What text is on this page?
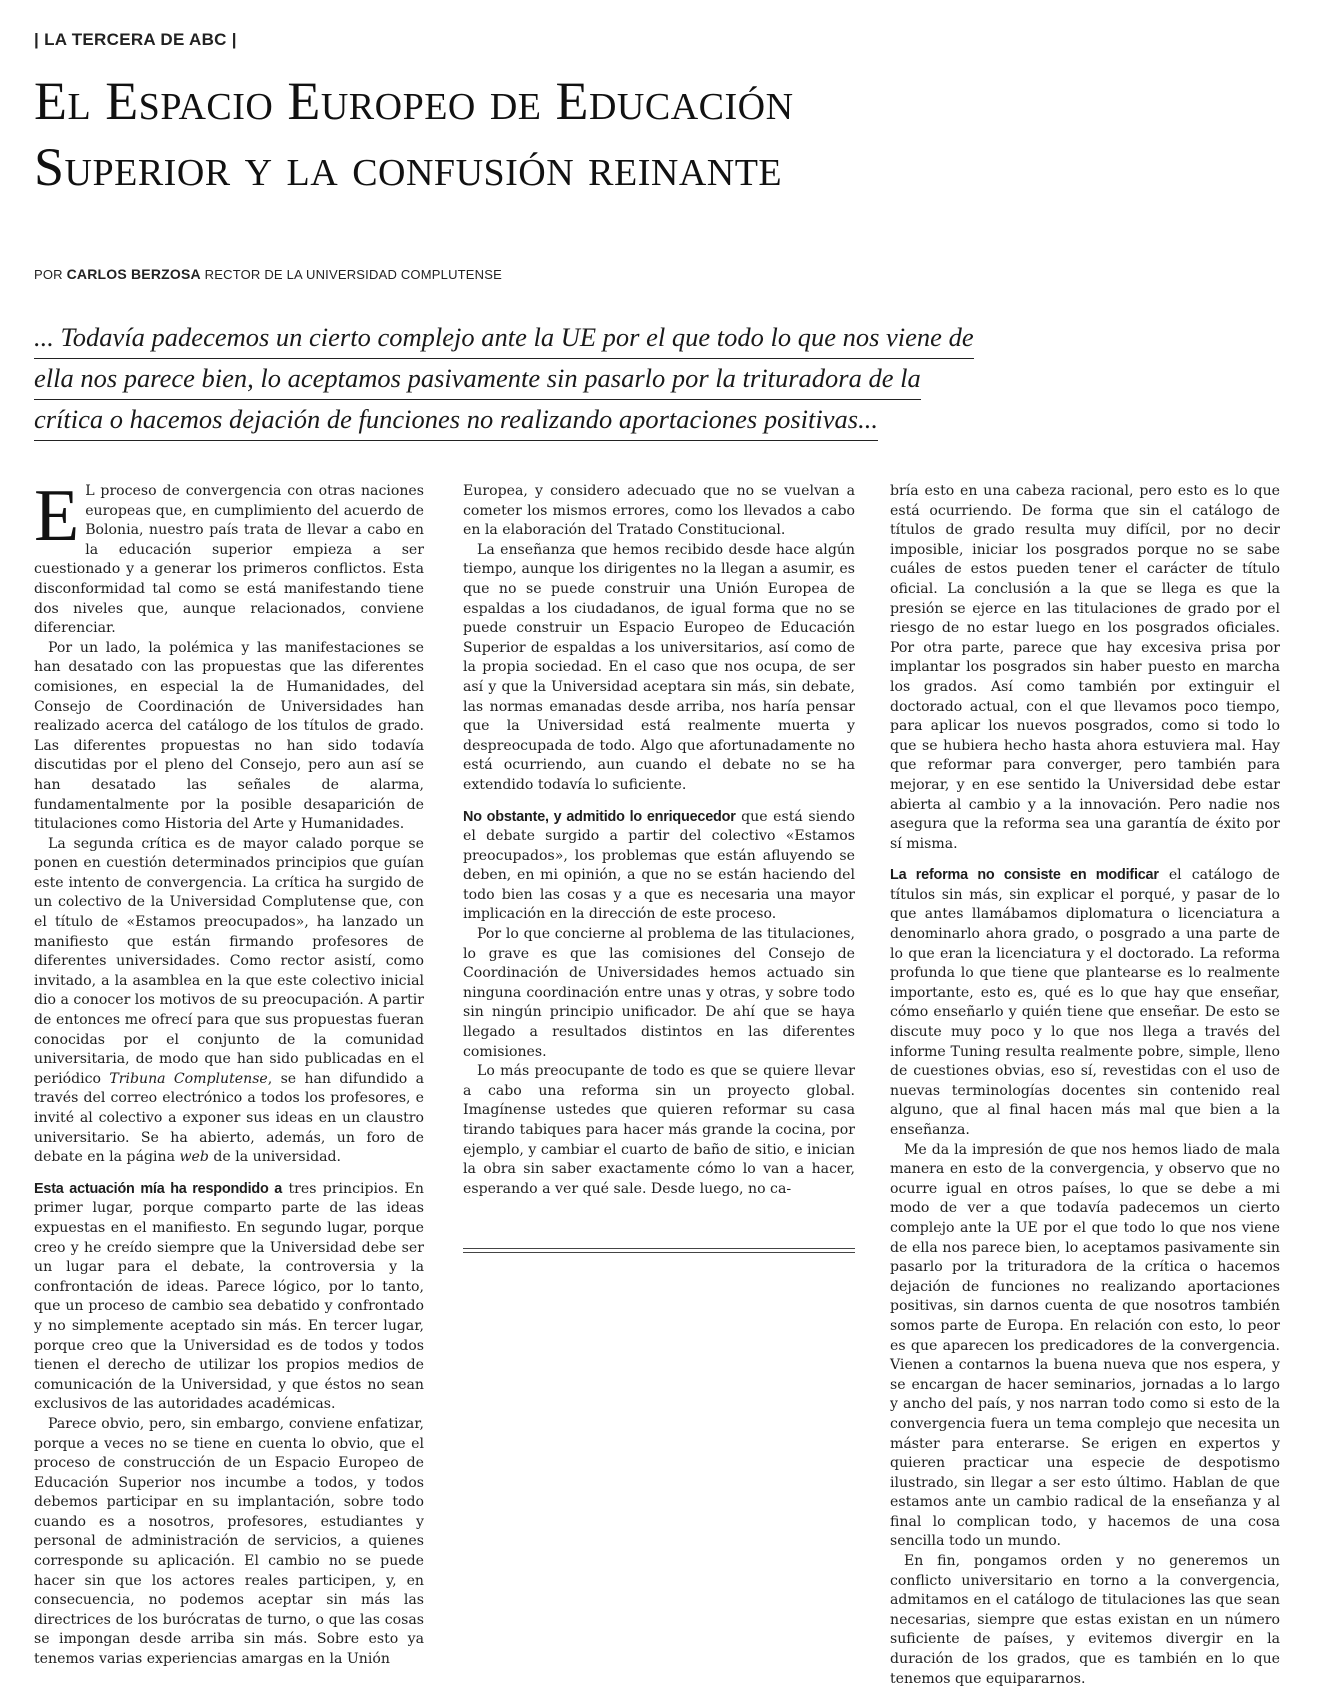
| LA TERCERA DE ABC |
El Espacio Europeo de Educación
Superior y la confusión reinante
POR CARLOS BERZOSA RECTOR DE LA UNIVERSIDAD COMPLUTENSE
... Todavía padecemos un cierto complejo ante la UE por el que todo lo que nos viene de
ella nos parece bien, lo aceptamos pasivamente sin pasarlo por la trituradora de la
crítica o hacemos dejación de funciones no realizando aportaciones positivas...

E L proceso de convergencia con otras naciones europeas que, en cumplimiento del acuerdo de Bolonia, nuestro país trata de llevar a cabo en la educación superior empieza a ser cuestionado y a generar los primeros conflictos. Esta disconformidad tal como se está manifestando tiene dos niveles que, aunque relacionados, conviene diferenciar.

Por un lado, la polémica y las manifestaciones se han desatado con las propuestas que las diferentes comisiones, en especial la de Humanidades, del Consejo de Coordinación de Universidades han realizado acerca del catálogo de los títulos de grado. Las diferentes propuestas no han sido todavía discutidas por el pleno del Consejo, pero aun así se han desatado las señales de alarma, fundamentalmente por la posible desaparición de titulaciones como Historia del Arte y Humanidades.

La segunda crítica es de mayor calado porque se ponen en cuestión determinados principios que guían este intento de convergencia. La crítica ha surgido de un colectivo de la Universidad Complutense que, con el título de «Estamos preocupados», ha lanzado un manifiesto que están firmando profesores de diferentes universidades. Como rector asistí, como invitado, a la asamblea en la que este colectivo inicial dio a conocer los motivos de su preocupación. A partir de entonces me ofrecí para que sus propuestas fueran conocidas por el conjunto de la comunidad universitaria, de modo que han sido publicadas en el periódico Tribuna Complutense, se han difundido a través del correo electrónico a todos los profesores, e invité al colectivo a exponer sus ideas en un claustro universitario. Se ha abierto, además, un foro de debate en la página web de la universidad.

Esta actuación mía ha respondido a tres principios. En primer lugar, porque comparto parte de las ideas expuestas en el manifiesto. En segundo lugar, porque creo y he creído siempre que la Universidad debe ser un lugar para el debate, la controversia y la confrontación de ideas. Parece lógico, por lo tanto, que un proceso de cambio sea debatido y confrontado y no simplemente aceptado sin más. En tercer lugar, porque creo que la Universidad es de todos y todos tienen el derecho de utilizar los propios medios de comunicación de la Universidad, y que éstos no sean exclusivos de las autoridades académicas.

Parece obvio, pero, sin embargo, conviene enfatizar, porque a veces no se tiene en cuenta lo obvio, que el proceso de construcción de un Espacio Europeo de Educación Superior nos incumbe a todos, y todos debemos participar en su implantación, sobre todo cuando es a nosotros, profesores, estudiantes y personal de administración de servicios, a quienes corresponde su aplicación. El cambio no se puede hacer sin que los actores reales participen, y, en consecuencia, no podemos aceptar sin más las directrices de los burócratas de turno, o que las cosas se impongan desde arriba sin más. Sobre esto ya tenemos varias experiencias amargas en la Unión

Europea, y considero adecuado que no se vuelvan a cometer los mismos errores, como los llevados a cabo en la elaboración del Tratado Constitucional.

La enseñanza que hemos recibido desde hace algún tiempo, aunque los dirigentes no la llegan a asumir, es que no se puede construir una Unión Europea de espaldas a los ciudadanos, de igual forma que no se puede construir un Espacio Europeo de Educación Superior de espaldas a los universitarios, así como de la propia sociedad. En el caso que nos ocupa, de ser así y que la Universidad aceptara sin más, sin debate, las normas emanadas desde arriba, nos haría pensar que la Universidad está realmente muerta y despreocupada de todo. Algo que afortunadamente no está ocurriendo, aun cuando el debate no se ha extendido todavía lo suficiente.

No obstante, y admitido lo enriquecedor que está siendo el debate surgido a partir del colectivo «Estamos preocupados», los problemas que están afluyendo se deben, en mi opinión, a que no se están haciendo del todo bien las cosas y a que es necesaria una mayor implicación en la dirección de este proceso.

Por lo que concierne al problema de las titulaciones, lo grave es que las comisiones del Consejo de Coordinación de Universidades hemos actuado sin ninguna coordinación entre unas y otras, y sobre todo sin ningún principio unificador. De ahí que se haya llegado a resultados distintos en las diferentes comisiones.

Lo más preocupante de todo es que se quiere llevar a cabo una reforma sin un proyecto global. Imagínense ustedes que quieren reformar su casa tirando tabiques para hacer más grande la cocina, por ejemplo, y cambiar el cuarto de baño de sitio, e inician la obra sin saber exactamente cómo lo van a hacer, esperando a ver qué sale. Desde luego, no ca-

bría esto en una cabeza racional, pero esto es lo que está ocurriendo. De forma que sin el catálogo de títulos de grado resulta muy difícil, por no decir imposible, iniciar los posgrados porque no se sabe cuáles de estos pueden tener el carácter de título oficial. La conclusión a la que se llega es que la presión se ejerce en las titulaciones de grado por el riesgo de no estar luego en los posgrados oficiales. Por otra parte, parece que hay excesiva prisa por implantar los posgrados sin haber puesto en marcha los grados. Así como también por extinguir el doctorado actual, con el que llevamos poco tiempo, para aplicar los nuevos posgrados, como si todo lo que se hubiera hecho hasta ahora estuviera mal. Hay que reformar para converger, pero también para mejorar, y en ese sentido la Universidad debe estar abierta al cambio y a la innovación. Pero nadie nos asegura que la reforma sea una garantía de éxito por sí misma.

La reforma no consiste en modificar el catálogo de títulos sin más, sin explicar el porqué, y pasar de lo que antes llamábamos diplomatura o licenciatura a denominarlo ahora grado, o posgrado a una parte de lo que eran la licenciatura y el doctorado. La reforma profunda lo que tiene que plantearse es lo realmente importante, esto es, qué es lo que hay que enseñar, cómo enseñarlo y quién tiene que enseñar. De esto se discute muy poco y lo que nos llega a través del informe Tuning resulta realmente pobre, simple, lleno de cuestiones obvias, eso sí, revestidas con el uso de nuevas terminologías docentes sin contenido real alguno, que al final hacen más mal que bien a la enseñanza.

Me da la impresión de que nos hemos liado de mala manera en esto de la convergencia, y observo que no ocurre igual en otros países, lo que se debe a mi modo de ver a que todavía padecemos un cierto complejo ante la UE por el que todo lo que nos viene de ella nos parece bien, lo aceptamos pasivamente sin pasarlo por la trituradora de la crítica o hacemos dejación de funciones no realizando aportaciones positivas, sin darnos cuenta de que nosotros también somos parte de Europa. En relación con esto, lo peor es que aparecen los predicadores de la convergencia. Vienen a contarnos la buena nueva que nos espera, y se encargan de hacer seminarios, jornadas a lo largo y ancho del país, y nos narran todo como si esto de la convergencia fuera un tema complejo que necesita un máster para enterarse. Se erigen en expertos y quieren practicar una especie de despotismo ilustrado, sin llegar a ser esto último. Hablan de que estamos ante un cambio radical de la enseñanza y al final lo complican todo, y hacemos de una cosa sencilla todo un mundo.

En fin, pongamos orden y no generemos un conflicto universitario en torno a la convergencia, admitamos en el catálogo de titulaciones las que sean necesarias, siempre que estas existan en un número suficiente de países, y evitemos divergir en la duración de los grados, que es también en lo que tenemos que equipararnos.
